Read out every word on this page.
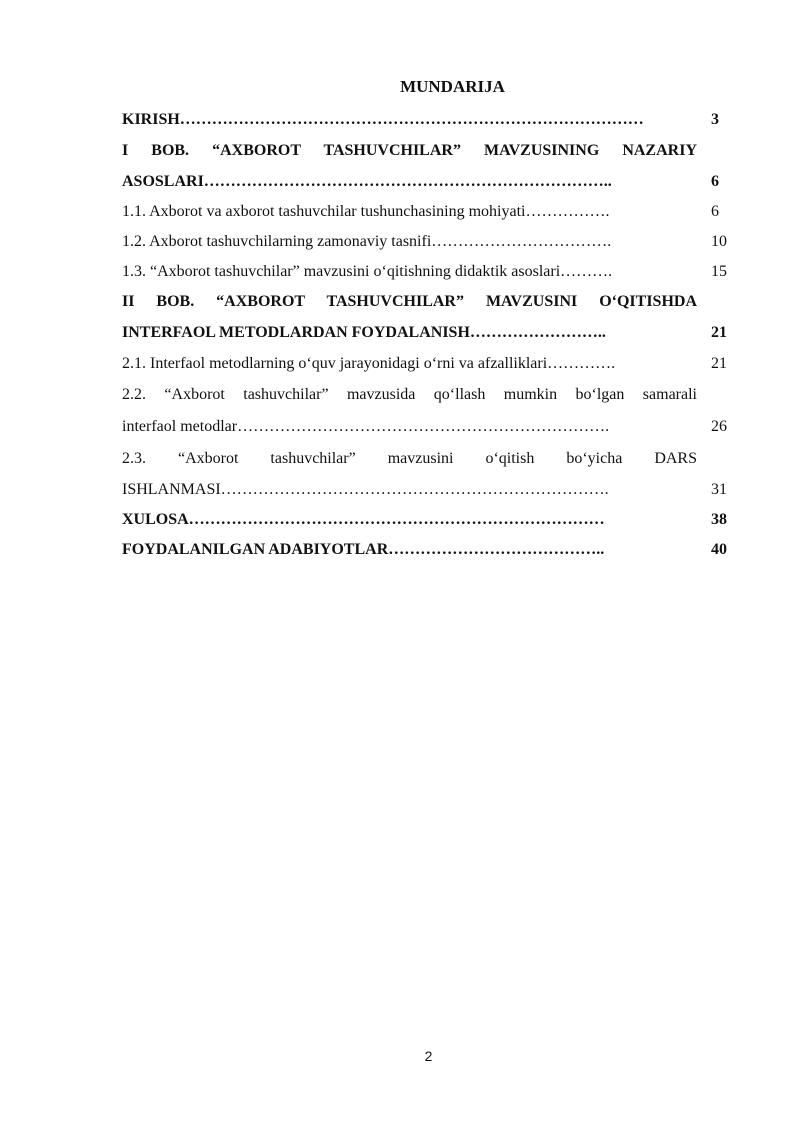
MUNDARIJA
KIRISH……………………………………………………………………………	3
I BOB. “AXBOROT TASHUVCHILAR” MAVZUSINING NAZARIY
ASOSLARI…………………………………………………………………..	6
1.1. Axborot va axborot tashuvchilar tushunchasining mohiyati…………….	6
1.2. Axborot tashuvchilarning zamonaviy tasnifi…………………………….	10
1.3. “Axborot tashuvchilar” mavzusini o‘qitishning didaktik asoslari……….	15
II BOB. “AXBOROT TASHUVCHILAR” MAVZUSINI O‘QITISHDA
INTERFAOL METODLARDAN FOYDALANISH……………………..	21
2.1. Interfaol metodlarning o‘quv jarayonidagi o‘rni va afzalliklari………….	21
2.2. “Axborot tashuvchilar” mavzusida qo‘llash mumkin bo‘lgan samarali
interfaol metodlar…………………………………………………………….	26
2.3. “Axborot tashuvchilar” mavzusini o‘qitish bo‘yicha DARS
ISHLANMASI……………………………………………………………….	31
XULOSA……………………………………………………………………	38
FOYDALANILGAN ADABIYOTLAR…………………………………..	40
2
